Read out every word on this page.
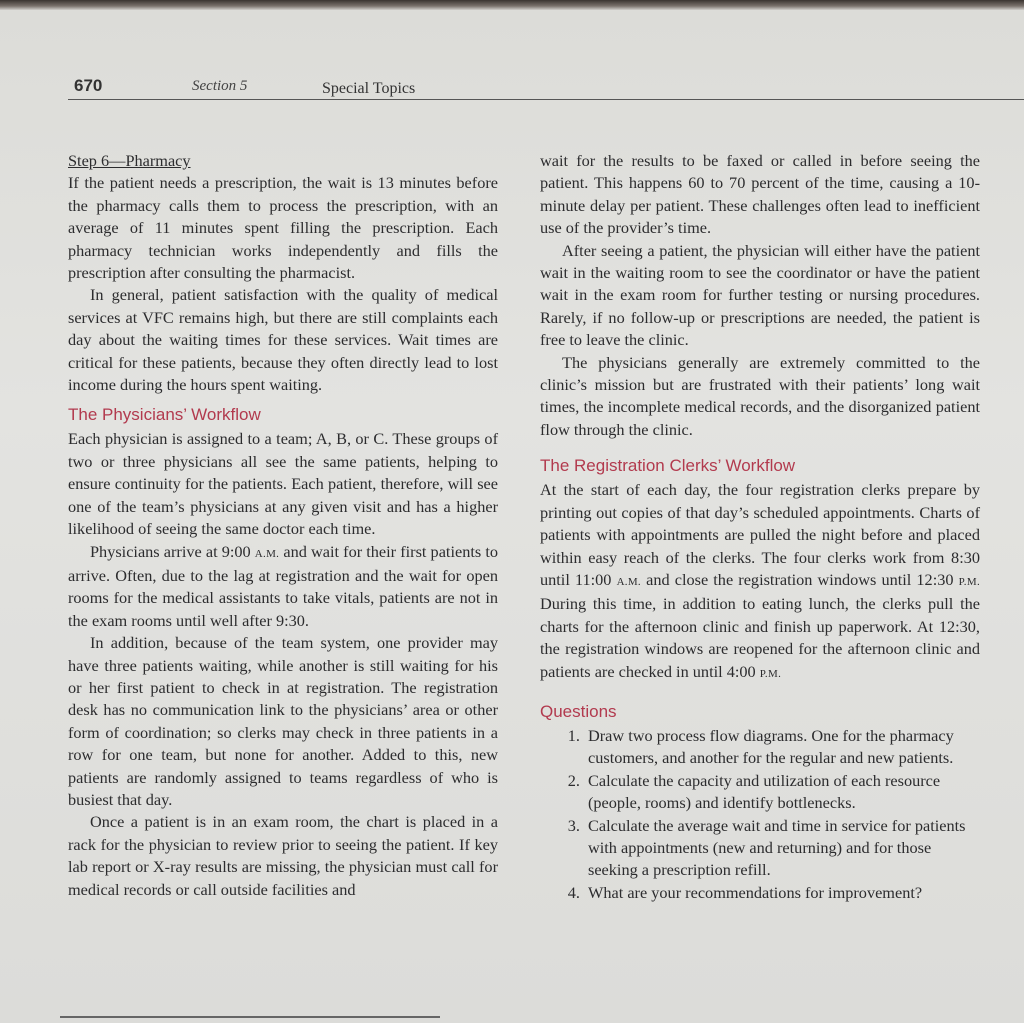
670	Section 5	Special Topics

Step 6—Pharmacy

If the patient needs a prescription, the wait is 13 minutes before the pharmacy calls them to process the prescription, with an average of 11 minutes spent filling the prescription. Each pharmacy technician works independently and fills the prescription after consulting the pharmacist.

In general, patient satisfaction with the quality of medical services at VFC remains high, but there are still complaints each day about the waiting times for these services. Wait times are critical for these patients, because they often directly lead to lost income during the hours spent waiting.

The Physicians’ Workflow

Each physician is assigned to a team; A, B, or C. These groups of two or three physicians all see the same patients, helping to ensure continuity for the patients. Each patient, therefore, will see one of the team’s physicians at any given visit and has a higher likelihood of seeing the same doctor each time.

Physicians arrive at 9:00 A.M. and wait for their first patients to arrive. Often, due to the lag at registration and the wait for open rooms for the medical assistants to take vitals, patients are not in the exam rooms until well after 9:30.

In addition, because of the team system, one provider may have three patients waiting, while another is still waiting for his or her first patient to check in at registration. The registration desk has no communication link to the physicians’ area or other form of coordination; so clerks may check in three patients in a row for one team, but none for another. Added to this, new patients are randomly assigned to teams regardless of who is busiest that day.

Once a patient is in an exam room, the chart is placed in a rack for the physician to review prior to seeing the patient. If key lab report or X-ray results are missing, the physician must call for medical records or call outside facilities and

wait for the results to be faxed or called in before seeing the patient. This happens 60 to 70 percent of the time, causing a 10-minute delay per patient. These challenges often lead to inefficient use of the provider’s time.

After seeing a patient, the physician will either have the patient wait in the waiting room to see the coordinator or have the patient wait in the exam room for further testing or nursing procedures. Rarely, if no follow-up or prescriptions are needed, the patient is free to leave the clinic.

The physicians generally are extremely committed to the clinic’s mission but are frustrated with their patients’ long wait times, the incomplete medical records, and the disorganized patient flow through the clinic.

The Registration Clerks’ Workflow

At the start of each day, the four registration clerks prepare by printing out copies of that day’s scheduled appointments. Charts of patients with appointments are pulled the night before and placed within easy reach of the clerks. The four clerks work from 8:30 until 11:00 A.M. and close the registration windows until 12:30 P.M. During this time, in addition to eating lunch, the clerks pull the charts for the afternoon clinic and finish up paperwork. At 12:30, the registration windows are reopened for the afternoon clinic and patients are checked in until 4:00 P.M.

Questions
1. Draw two process flow diagrams. One for the pharmacy customers, and another for the regular and new patients.
2. Calculate the capacity and utilization of each resource (people, rooms) and identify bottlenecks.
3. Calculate the average wait and time in service for patients with appointments (new and returning) and for those seeking a prescription refill.
4. What are your recommendations for improvement?
